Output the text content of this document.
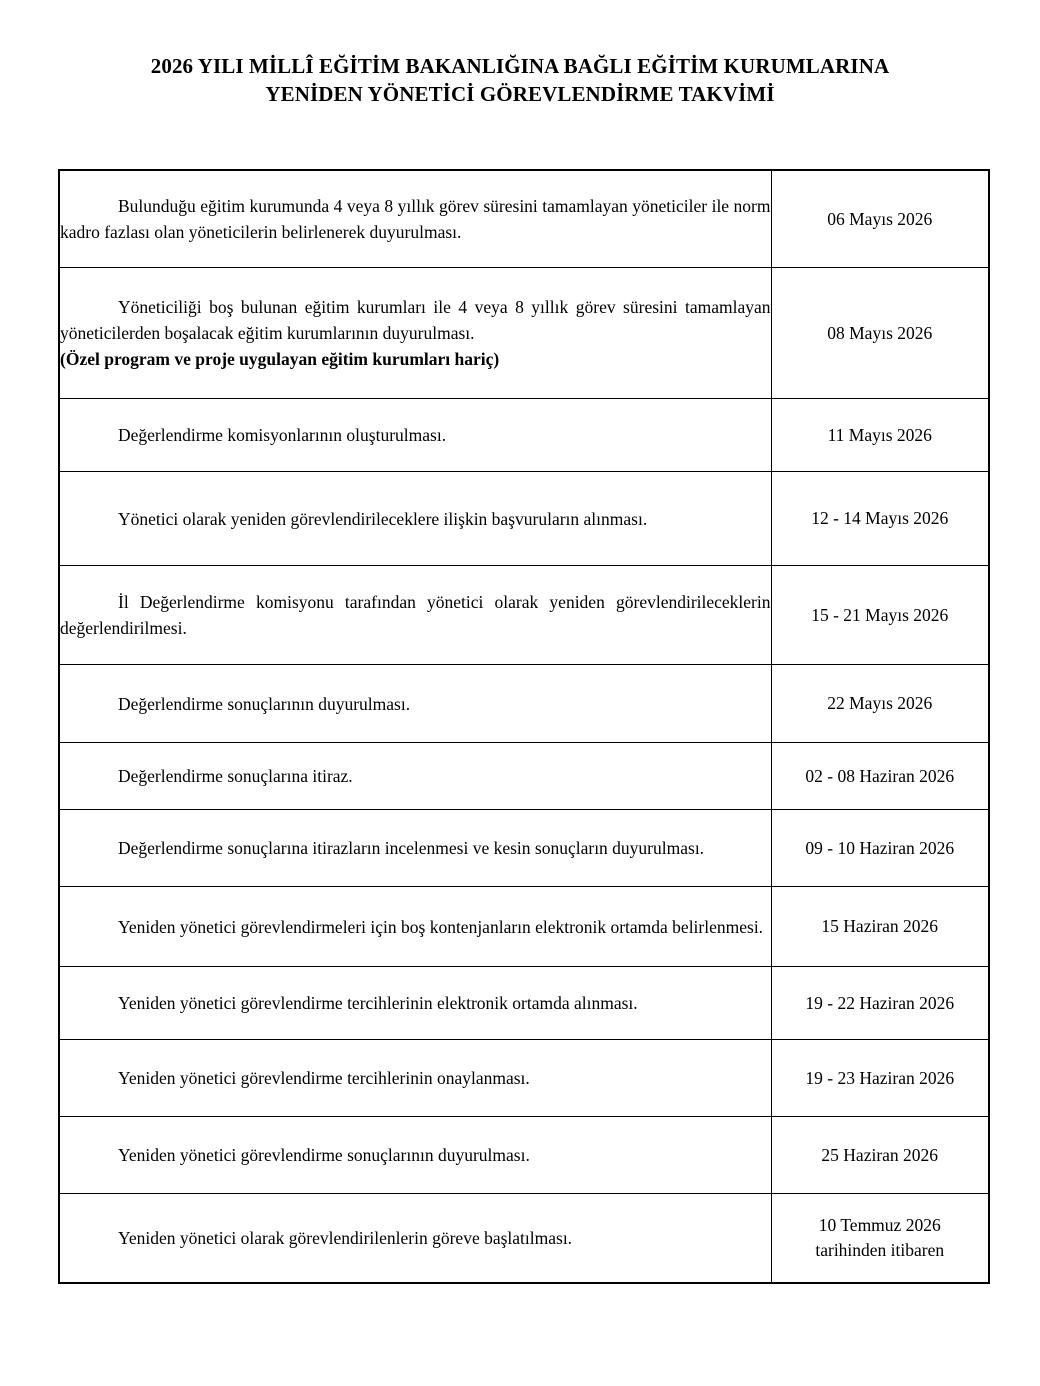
2026 YILI MİLLÎ EĞİTİM BAKANLIĞINA BAĞLI EĞİTİM KURUMLARINA
YENİDEN YÖNETİCİ GÖREVLENDİRME TAKVİMİ
Bulunduğu eğitim kurumunda 4 veya 8 yıllık görev süresini tamamlayan yöneticiler ile norm kadro fazlası olan yöneticilerin belirlenerek duyurulması.	06 Mayıs 2026

Yöneticiliği boş bulunan eğitim kurumları ile 4 veya 8 yıllık görev süresini tamamlayan yöneticilerden boşalacak eğitim kurumlarının duyurulması.
(Özel program ve proje uygulayan eğitim kurumları hariç)	08 Mayıs 2026

Değerlendirme komisyonlarının oluşturulması.	11 Mayıs 2026

Yönetici olarak yeniden görevlendirileceklere ilişkin başvuruların alınması.	12 - 14 Mayıs 2026

İl Değerlendirme komisyonu tarafından yönetici olarak yeniden görevlendirileceklerin değerlendirilmesi.	15 - 21 Mayıs 2026

Değerlendirme sonuçlarının duyurulması.	22 Mayıs 2026

Değerlendirme sonuçlarına itiraz.	02 - 08 Haziran 2026

Değerlendirme sonuçlarına itirazların incelenmesi ve kesin sonuçların duyurulması.	09 - 10 Haziran 2026

Yeniden yönetici görevlendirmeleri için boş kontenjanların elektronik ortamda belirlenmesi.	15 Haziran 2026

Yeniden yönetici görevlendirme tercihlerinin elektronik ortamda alınması.	19 - 22 Haziran 2026

Yeniden yönetici görevlendirme tercihlerinin onaylanması.	19 - 23 Haziran 2026

Yeniden yönetici görevlendirme sonuçlarının duyurulması.	25 Haziran 2026

Yeniden yönetici olarak görevlendirilenlerin göreve başlatılması.	10 Temmuz 2026
tarihinden itibaren
